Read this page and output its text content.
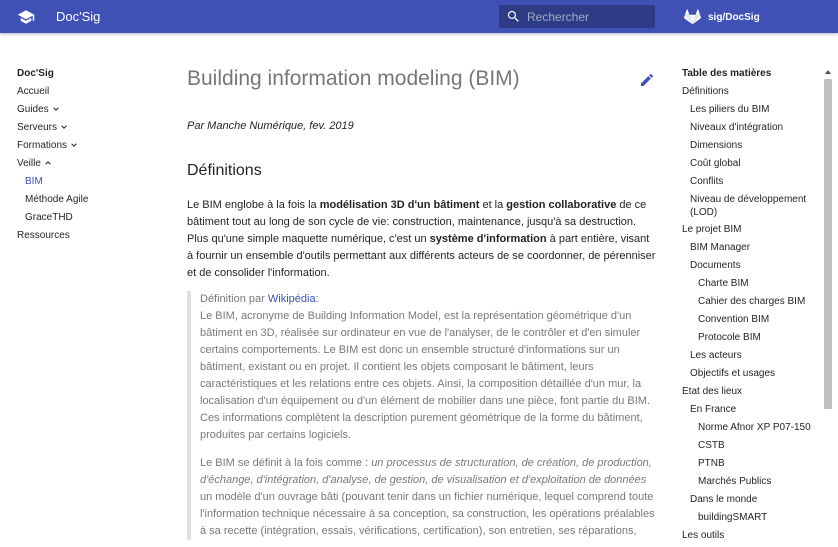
Doc'Sig
Rechercher	sig/DocSig
Doc'Sig
Accueil
Guides
Serveurs
Formations
Veille
BIM
Méthode Agile
GraceTHD
Ressources
Building information modeling (BIM)

Par Manche Numérique, fev. 2019

Définitions

Le BIM englobe à la fois la modélisation 3D d'un bâtiment et la gestion collaborative de ce bâtiment tout au long de son cycle de vie: construction, maintenance, jusqu'à sa destruction. Plus qu'une simple maquette numérique, c'est un système d'information à part entière, visant à fournir un ensemble d'outils permettant aux différents acteurs de se coordonner, de pérenniser et de consolider l'information.

Définition par Wikipédia:
Le BIM, acronyme de Building Information Model, est la représentation géométrique d'un bâtiment en 3D, réalisée sur ordinateur en vue de l'analyser, de le contrôler et d'en simuler certains comportements. Le BIM est donc un ensemble structuré d'informations sur un bâtiment, existant ou en projet. Il contient les objets composant le bâtiment, leurs caractéristiques et les relations entre ces objets. Ainsi, la composition détaillée d'un mur, la localisation d'un équipement ou d'un élément de mobilier dans une pièce, font partie du BIM. Ces informations complètent la description purement géométrique de la forme du bâtiment, produites par certains logiciels.

Le BIM se définit à la fois comme : un processus de structuration, de création, de production, d'échange, d'intégration, d'analyse, de gestion, de visualisation et d'exploitation de données un modèle d'un ouvrage bâti (pouvant tenir dans un fichier numérique, lequel comprend toute l'information technique nécessaire à sa conception, sa construction, les opérations préalables à sa recette (intégration, essais, vérifications, certification), son entretien, ses réparations,

Table des matières
Définitions
Les piliers du BIM
Niveaux d'intégration
Dimensions
Coût global
Conflits
Niveau de développement (LOD)
Le projet BIM
BIM Manager
Documents
Charte BIM
Cahier des charges BIM
Convention BIM
Protocole BIM
Les acteurs
Objectifs et usages
Etat des lieux
En France
Norme Afnor XP P07-150
CSTB
PTNB
Marchés Publics
Dans le monde
buildingSMART
Les outils
